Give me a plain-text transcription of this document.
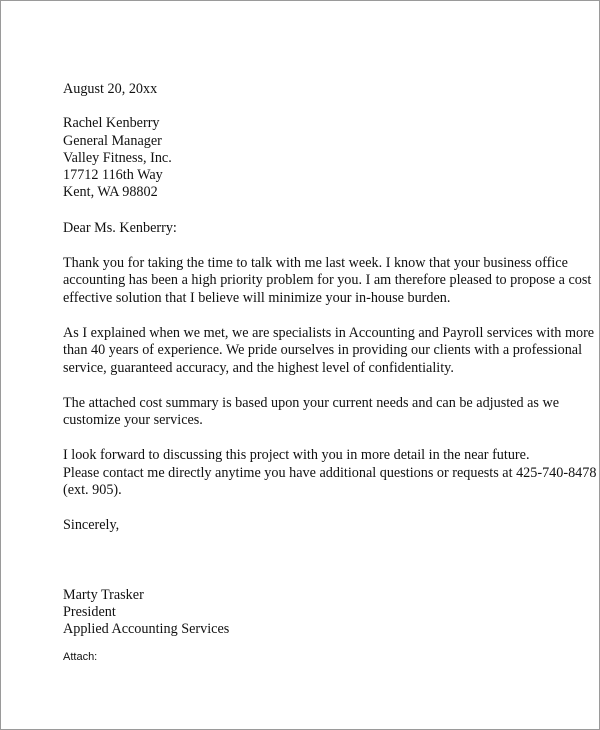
August 20, 20xx
Rachel Kenberry
General Manager
Valley Fitness, Inc.
17712 116th Way
Kent, WA 98802
Dear Ms. Kenberry:
Thank you for taking the time to talk with me last week. I know that your business office
accounting has been a high priority problem for you. I am therefore pleased to propose a cost
effective solution that I believe will minimize your in-house burden.
As I explained when we met, we are specialists in Accounting and Payroll services with more
than 40 years of experience. We pride ourselves in providing our clients with a professional
service, guaranteed accuracy, and the highest level of confidentiality.
The attached cost summary is based upon your current needs and can be adjusted as we
customize your services.
I look forward to discussing this project with you in more detail in the near future.
Please contact me directly anytime you have additional questions or requests at 425-740-8478
(ext. 905).
Sincerely,
Marty Trasker
President
Applied Accounting Services
Attach:
